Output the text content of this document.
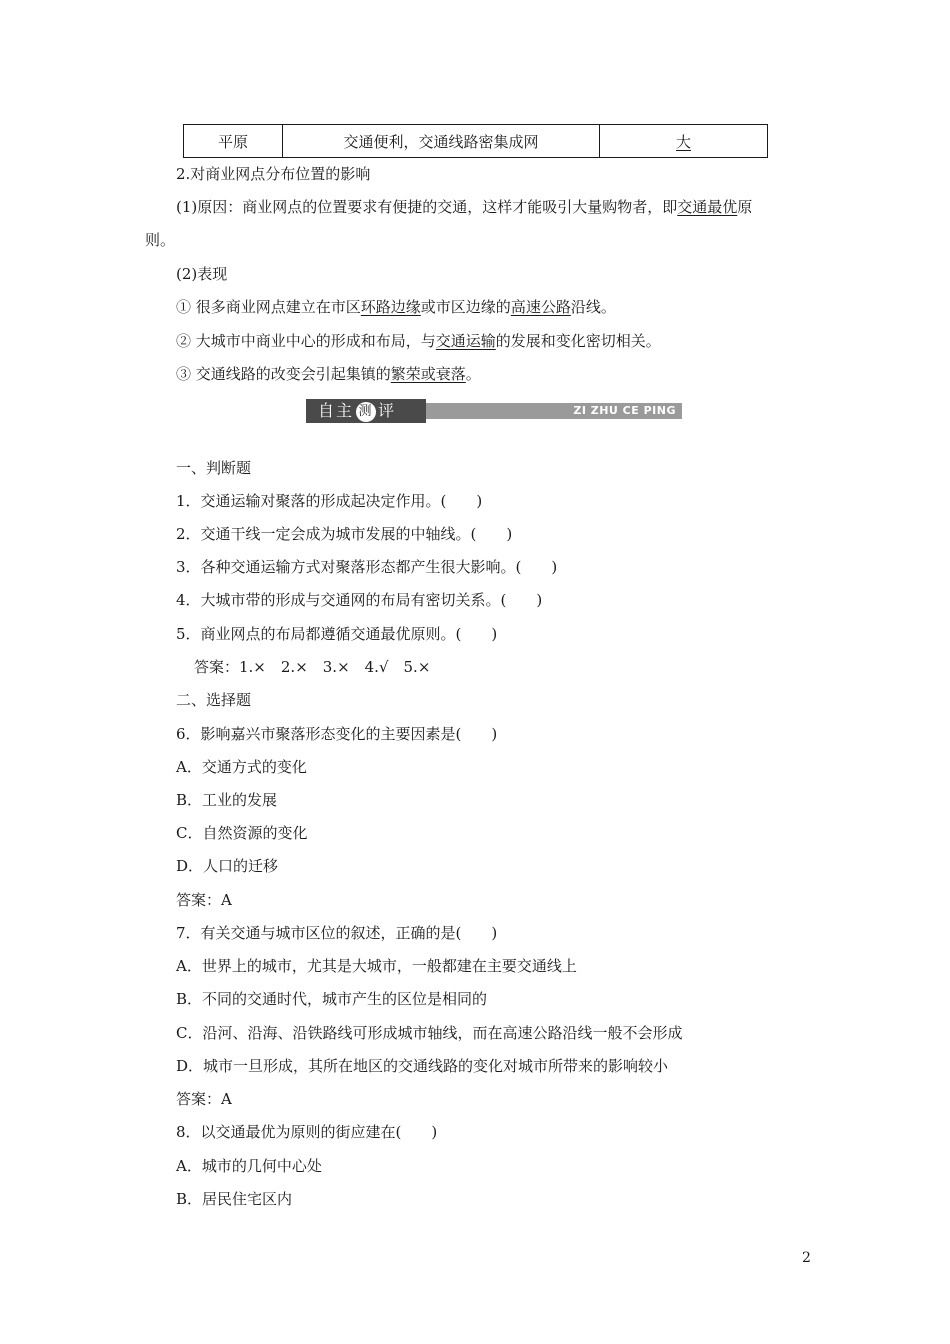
平原	交通便利，交通线路密集成网	大
2.对商业网点分布位置的影响
(1)原因：商业网点的位置要求有便捷的交通，这样才能吸引大量购物者，即交通最优原
则。
(2)表现
① 很多商业网点建立在市区环路边缘或市区边缘的高速公路沿线。
② 大城市中商业中心的形成和布局，与交通运输的发展和变化密切相关。
③ 交通线路的改变会引起集镇的繁荣或衰落。
自主 测 评	ZI ZHU CE PING
一、判断题
1．交通运输对聚落的形成起决定作用。(　　)
2．交通干线一定会成为城市发展的中轴线。(　　)
3．各种交通运输方式对聚落形态都产生很大影响。(　　)
4．大城市带的形成与交通网的布局有密切关系。(　　)
5．商业网点的布局都遵循交通最优原则。(　　)
答案：1.×　2.×　3.×　4.√　5.×
二、选择题
6．影响嘉兴市聚落形态变化的主要因素是(　　)
A．交通方式的变化
B．工业的发展
C．自然资源的变化
D．人口的迁移
答案：A
7．有关交通与城市区位的叙述，正确的是(　　)
A．世界上的城市，尤其是大城市，一般都建在主要交通线上
B．不同的交通时代，城市产生的区位是相同的
C．沿河、沿海、沿铁路线可形成城市轴线，而在高速公路沿线一般不会形成
D．城市一旦形成，其所在地区的交通线路的变化对城市所带来的影响较小
答案：A
8．以交通最优为原则的街应建在(　　)
A．城市的几何中心处
B．居民住宅区内
2
